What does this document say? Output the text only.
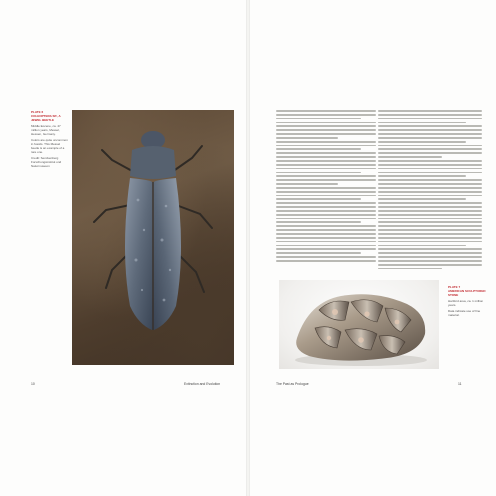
PLATE 6
COLEOPTERA SP., A JEWEL BEETLE
Middle Eocene, ca. 47 million years, Messel, Hessen, Germany.
Colors are quite uncommon in fossils. This Messel beetle is an example of a rare one.
Credit: Senckenberg Forschungsinstitut und Naturmuseum
10	Extinction and Evolution
PLATE 7
AMERICAN SCULPTURED STONE
Hartford area, ca. 1 million years.
Data indicate use of fine material.
The Past as Prologue	11
